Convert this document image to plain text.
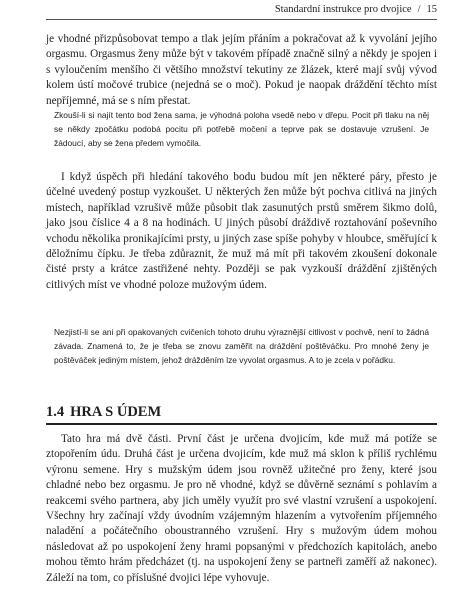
Standardní instrukce pro dvojice / 15

je vhodné přizpůsobovat tempo a tlak jejím přáním a pokračovat až k vyvolání jejího orgasmu. Orgasmus ženy může být v takovém případě značně silný a někdy je spojen i s vyloučením menšího či většího množství tekutiny ze žlázek, které mají svůj vývod kolem ústí močové trubice (nejedná se o moč). Pokud je naopak dráždění těchto míst nepříjemné, má se s ním přestat.

Zkouší-li si najít tento bod žena sama, je výhodná poloha vsedě nebo v dřepu. Pocit při tlaku na něj se někdy zpočátku podobá pocitu při potřebě močení a teprve pak se dostavuje vzrušení. Je žádoucí, aby se žena předem vymočila.

I když úspěch při hledání takového bodu budou mít jen některé páry, přesto je účelné uvedený postup vyzkoušet. U některých žen může být pochva citlivá na jiných místech, například vzrušivě může působit tlak zasunutých prstů směrem šikmo dolů, jako jsou číslice 4 a 8 na hodinách. U jiných působí dráždivě roztahování poševního vchodu několika pronikajícími prsty, u jiných zase spíše pohyby v hloubce, směřující k děložnímu čípku. Je třeba zdůraznit, že muž má mít při takovém zkoušení dokonale čisté prsty a krátce zastřižené nehty. Později se pak vyzkouší dráždění zjištěných citlivých míst ve vhodné poloze mužovým údem.

Nezjistí-li se ani při opakovaných cvičeních tohoto druhu výraznější citlivost v pochvě, není to žádná závada. Znamená to, že je třeba se znovu zaměřit na dráždění poštěváčku. Pro mnohé ženy je poštěváček jediným místem, jehož drážděním lze vyvolat orgasmus. A to je zcela v pořádku.

1.4 HRA S ÚDEM

Tato hra má dvě části. První část je určena dvojicím, kde muž má potíže se ztopořením údu. Druhá část je určena dvojicím, kde muž má sklon k příliš rychlému výronu semene. Hry s mužským údem jsou rovněž užitečné pro ženy, které jsou chladné nebo bez orgasmu. Je pro ně vhodné, když se důvěrně seznámí s pohlavím a reakcemi svého partnera, aby jich uměly využít pro své vlastní vzrušení a uspokojení. Všechny hry začínají vždy úvodním vzájemným hlazením a vytvořením příjemného naladění a počátečního oboustranného vzrušení. Hry s mužovým údem mohou následovat až po uspokojení ženy hrami popsanými v předchozích kapitolách, anebo mohou těmto hrám předcházet (tj. na uspokojení ženy se partneři zaměří až nakonec). Záleží na tom, co příslušné dvojici lépe vyhovuje.
